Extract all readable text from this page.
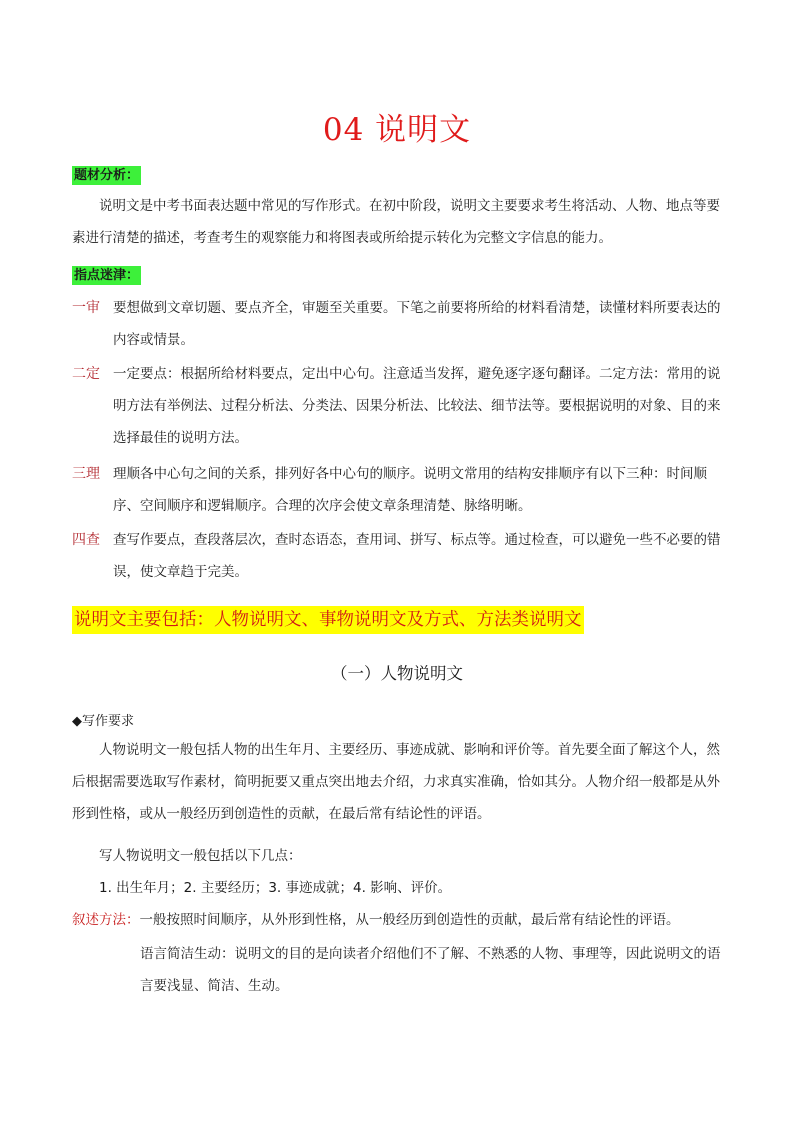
04 说明文
题材分析：

说明文是中考书面表达题中常见的写作形式。在初中阶段，说明文主要要求考生将活动、人物、地点等要素进行清楚的描述，考查考生的观察能力和将图表或所给提示转化为完整文字信息的能力。

指点迷津：
一审 要想做到文章切题、要点齐全，审题至关重要。下笔之前要将所给的材料看清楚，读懂材料所要表达的内容或情景。

二定 一定要点：根据所给材料要点，定出中心句。注意适当发挥，避免逐字逐句翻译。二定方法：常用的说明方法有举例法、过程分析法、分类法、因果分析法、比较法、细节法等。要根据说明的对象、目的来选择最佳的说明方法。

三理 理顺各中心句之间的关系，排列好各中心句的顺序。说明文常用的结构安排顺序有以下三种：时间顺序、空间顺序和逻辑顺序。合理的次序会使文章条理清楚、脉络明晰。

四查 查写作要点，查段落层次，查时态语态，查用词、拼写、标点等。通过检查，可以避免一些不必要的错误，使文章趋于完美。

说明文主要包括：人物说明文、事物说明文及方式、方法类说明文
（一）人物说明文
◆写作要求

人物说明文一般包括人物的出生年月、主要经历、事迹成就、影响和评价等。首先要全面了解这个人，然后根据需要选取写作素材，简明扼要又重点突出地去介绍，力求真实准确，恰如其分。人物介绍一般都是从外形到性格，或从一般经历到创造性的贡献，在最后常有结论性的评语。

写人物说明文一般包括以下几点：

1. 出生年月；2. 主要经历；3. 事迹成就；4. 影响、评价。

叙述方法：一般按照时间顺序，从外形到性格，从一般经历到创造性的贡献，最后常有结论性的评语。

语言简洁生动：说明文的目的是向读者介绍他们不了解、不熟悉的人物、事理等，因此说明文的语言要浅显、简洁、生动。
